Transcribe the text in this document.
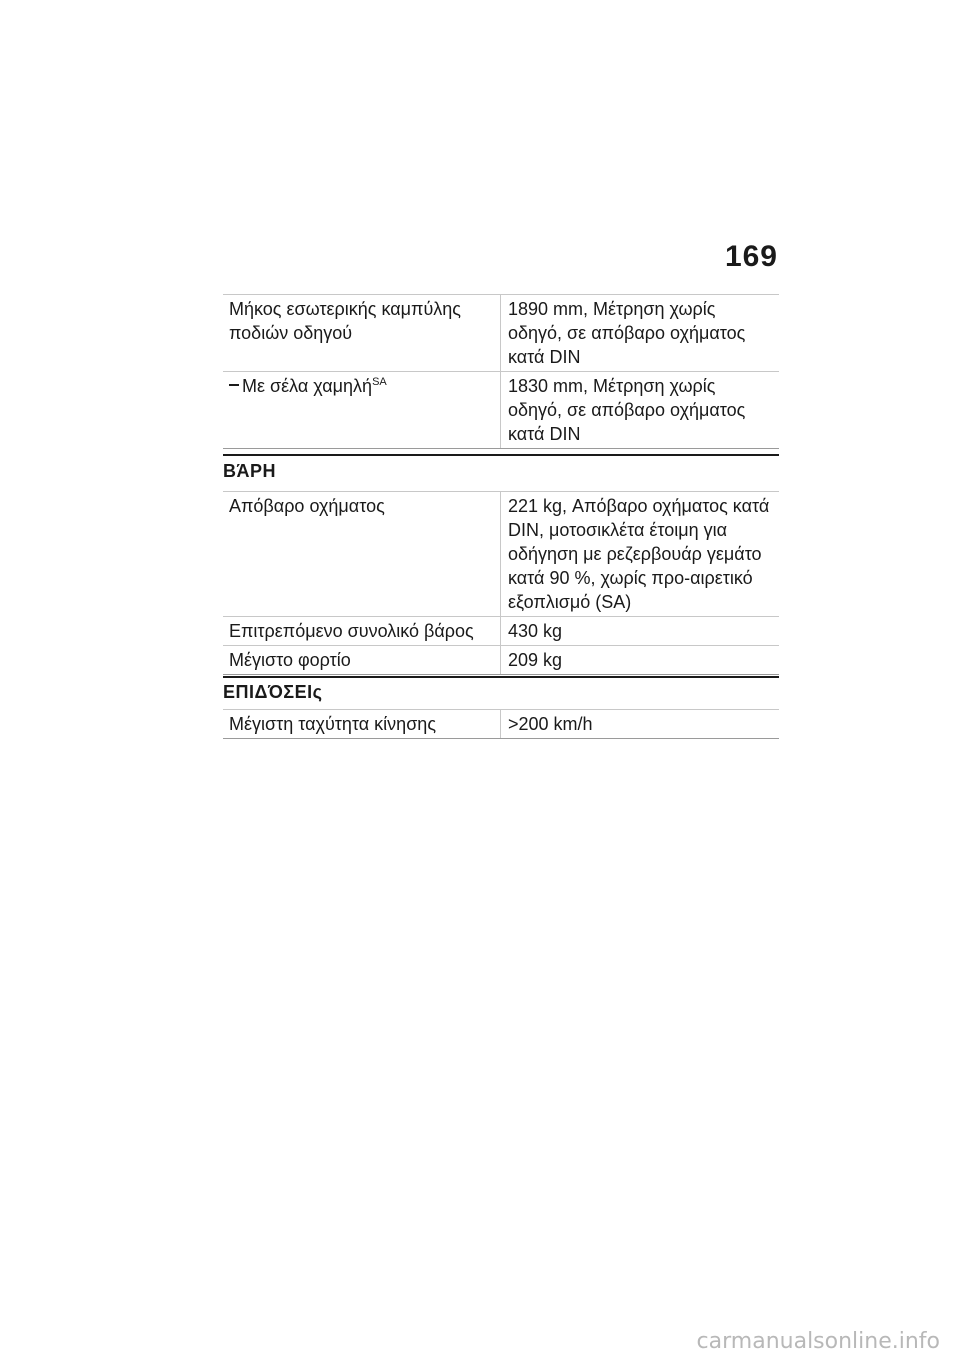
169
Μήκος εσωτερικής καμπύλης ποδιών οδηγού	1890 mm, Μέτρηση χωρίς οδηγό, σε απόβαρο οχήματος κατά DIN
Με σέλα χαμηλή$^{SA}$	1830 mm, Μέτρηση χωρίς οδηγό, σε απόβαρο οχήματος κατά DIN
ΒΆΡΗ
Απόβαρο οχήματος	221 kg, Απόβαρο οχήματος κατά DIN, μοτοσικλέτα έτοιμη για οδήγηση με ρεζερβουάρ γεμάτο κατά 90 %, χωρίς προ-αιρετικό εξοπλισμό (SA)
Επιτρεπόμενο συνολικό βάρος	430 kg
Μέγιστο φορτίο	209 kg
ΕΠΙΔΌΣΕΙς
Μέγιστη ταχύτητα κίνησης	>200 km/h
carmanualsonline.info
